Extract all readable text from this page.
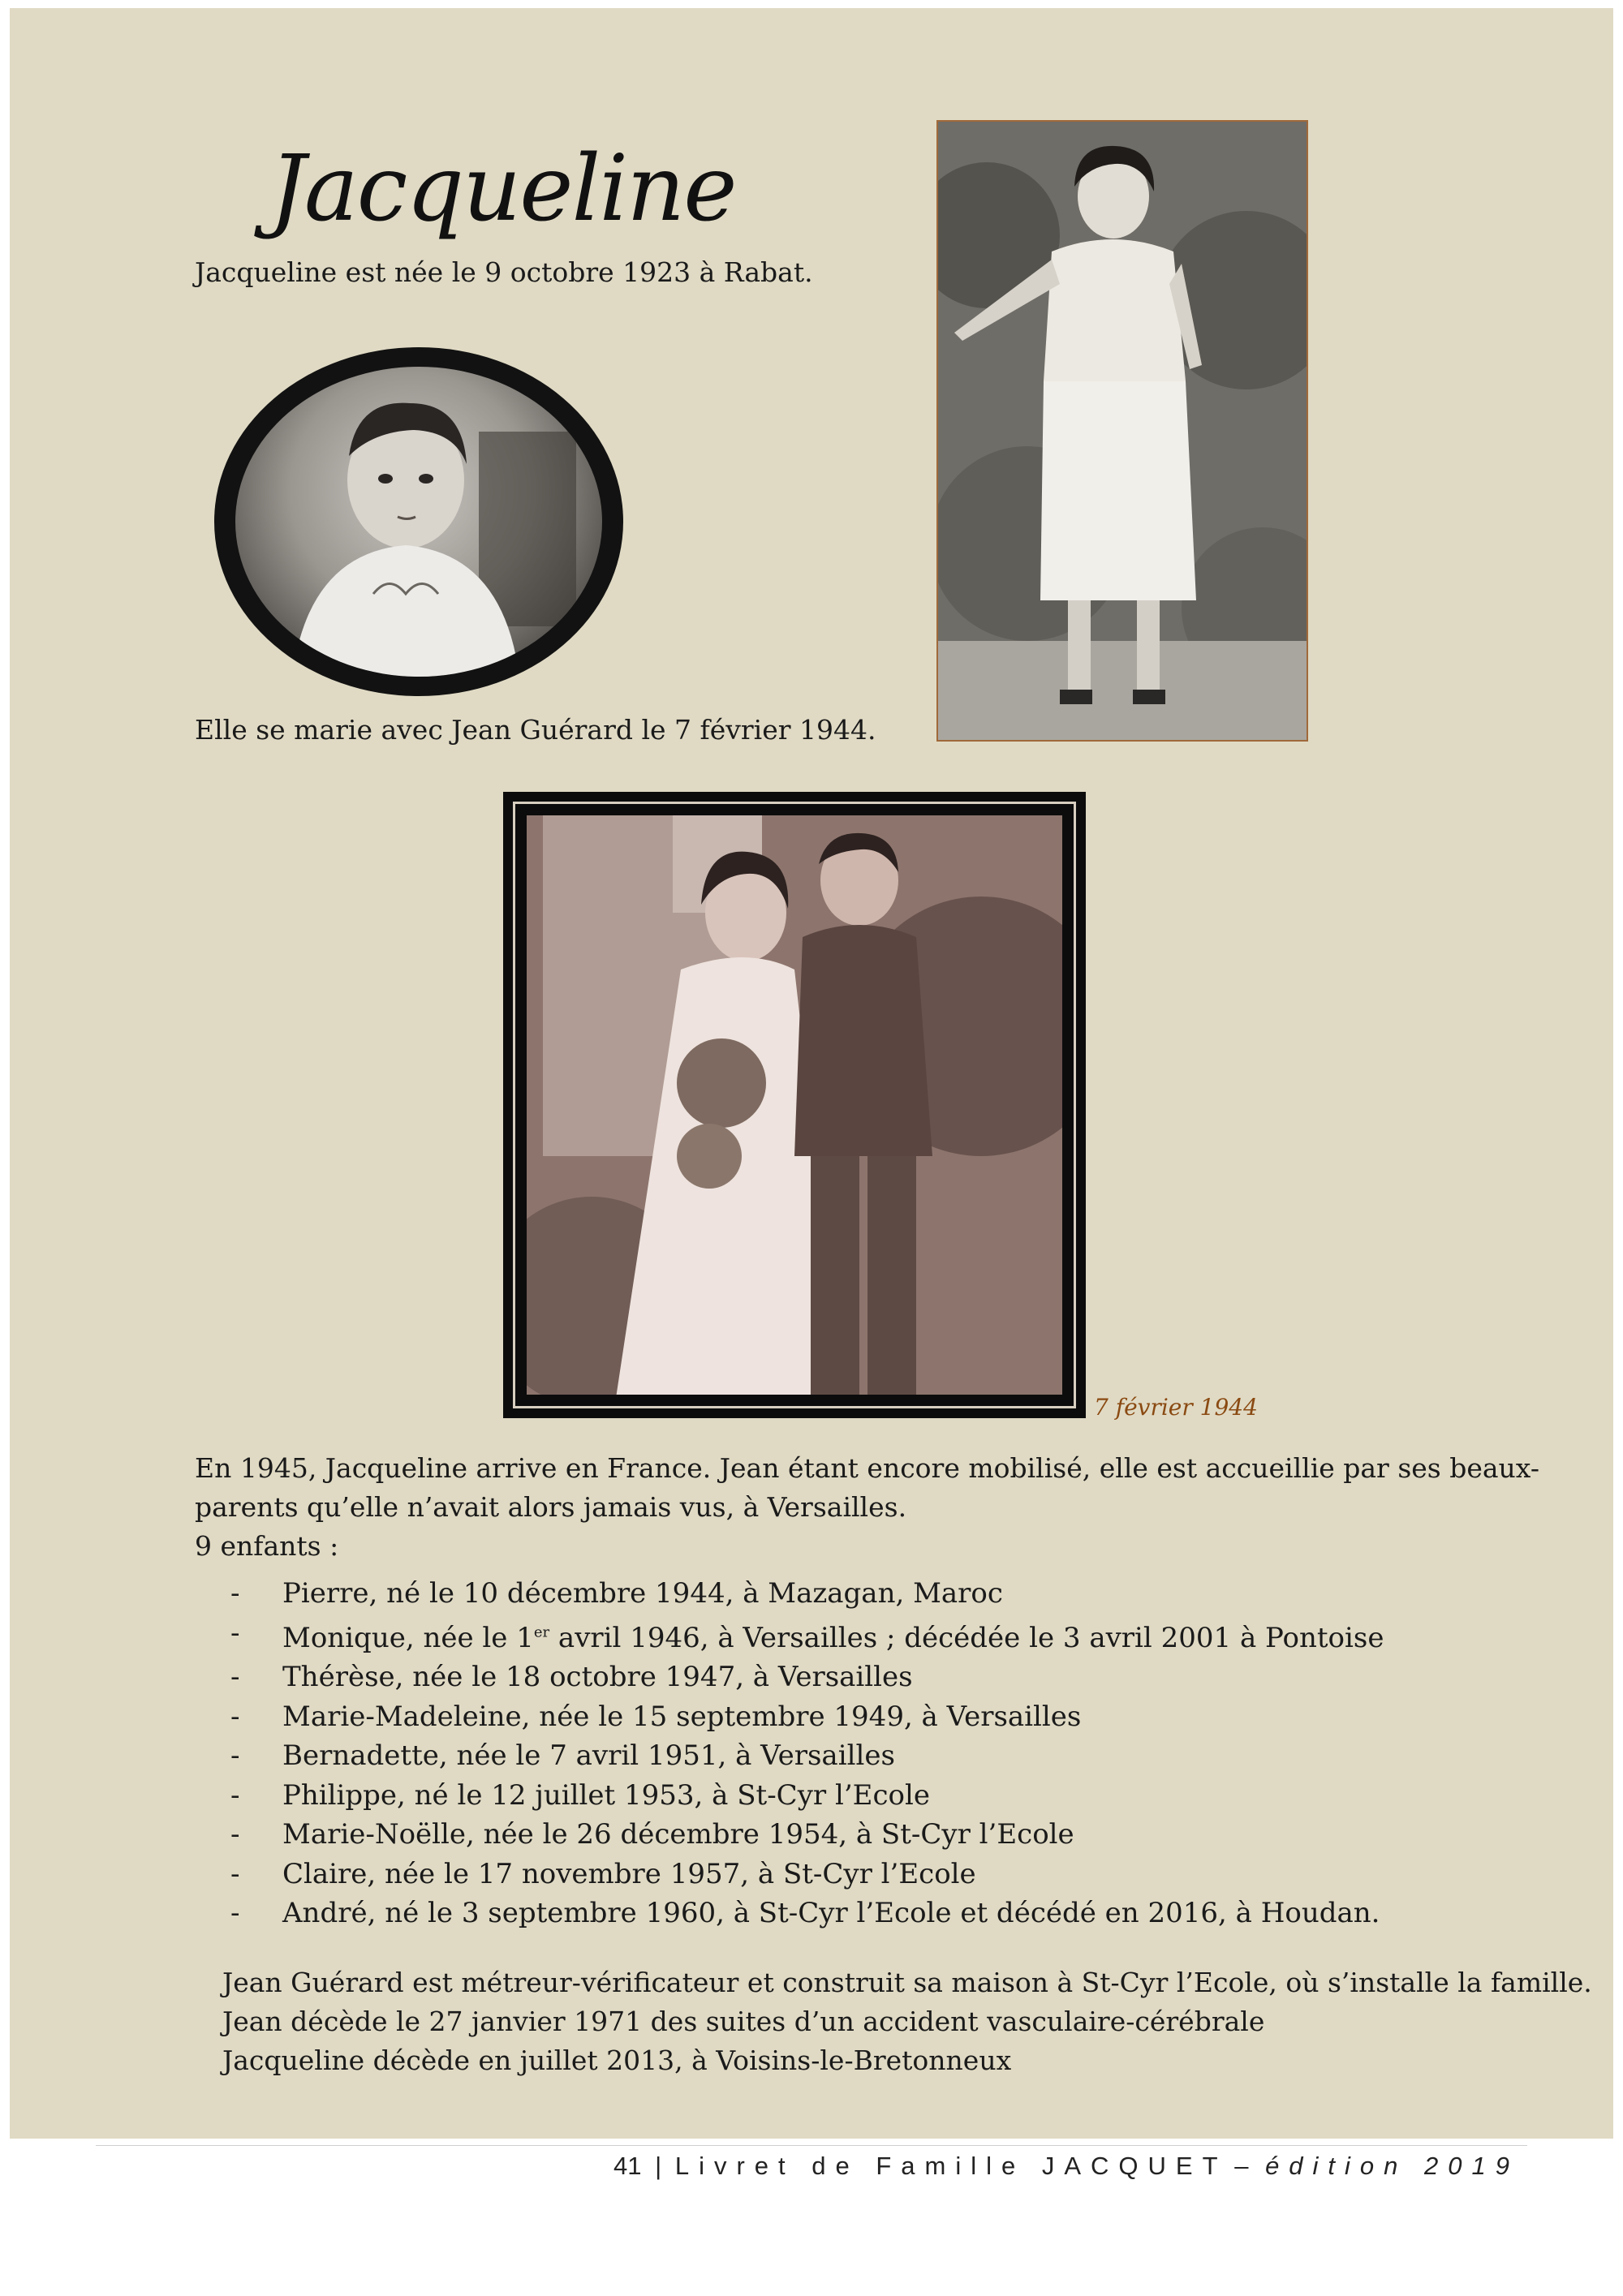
Jacqueline
Jacqueline est née le 9 octobre 1923 à Rabat.
Elle se marie avec Jean Guérard le 7 février 1944.
7 février 1944
En 1945, Jacqueline arrive en France. Jean étant encore mobilisé, elle est accueillie par ses beaux-
parents qu’elle n’avait alors jamais vus, à Versailles.
9 enfants :
- Pierre, né le 10 décembre 1944, à Mazagan, Maroc
- Monique, née le 1er avril 1946, à Versailles ; décédée le 3 avril 2001 à Pontoise
- Thérèse, née le 18 octobre 1947, à Versailles
- Marie-Madeleine, née le 15 septembre 1949, à Versailles
- Bernadette, née le 7 avril 1951, à Versailles
- Philippe, né le 12 juillet 1953, à St-Cyr l’Ecole
- Marie-Noëlle, née le 26 décembre 1954, à St-Cyr l’Ecole
- Claire, née le 17 novembre 1957, à St-Cyr l’Ecole
- André, né le 3 septembre 1960, à St-Cyr l’Ecole et décédé en 2016, à Houdan.
Jean Guérard est métreur-vérificateur et construit sa maison à St-Cyr l’Ecole, où s’installe la famille.
Jean décède le 27 janvier 1971 des suites d’un accident vasculaire-cérébrale
Jacqueline décède en juillet 2013, à Voisins-le-Bretonneux
41 | Livret de Famille JACQUET – édition 2019
